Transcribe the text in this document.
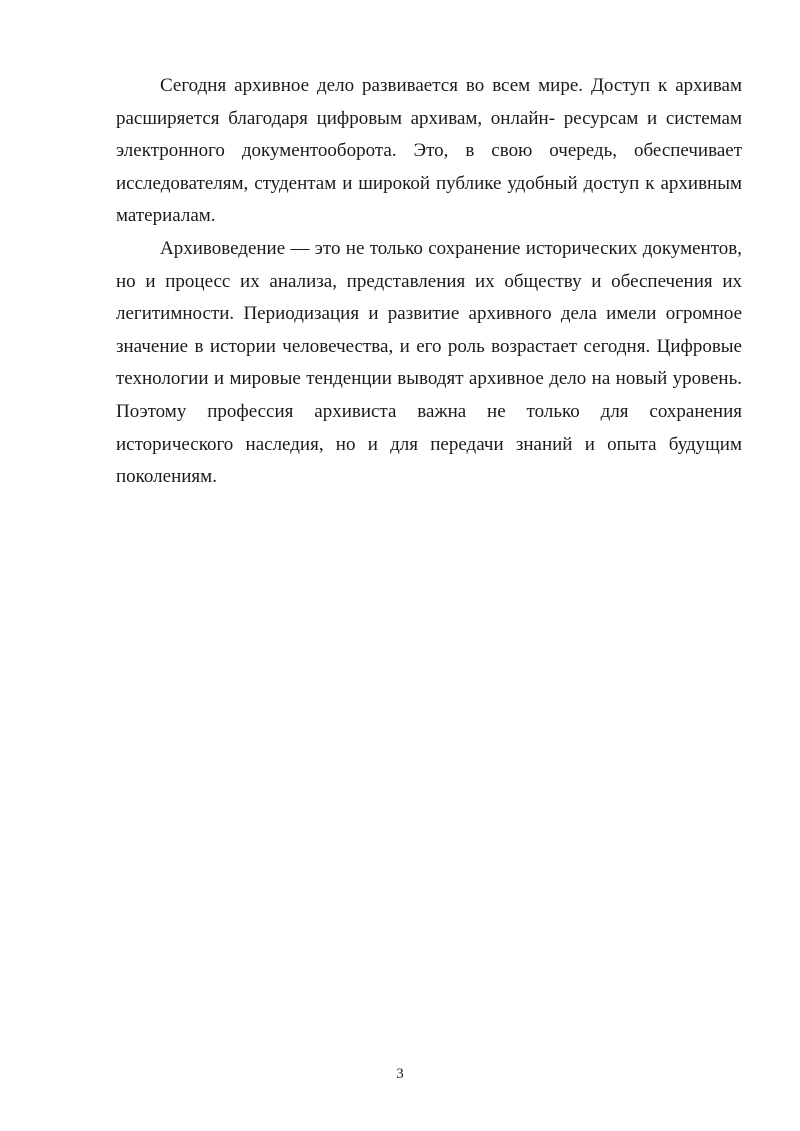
Сегодня архивное дело развивается во всем мире. Доступ к архивам расширяется благодаря цифровым архивам, онлайн- ресурсам и системам электронного документооборота. Это, в свою очередь, обеспечивает исследователям, студентам и широкой публике удобный доступ к архивным материалам.

Архивоведение — это не только сохранение исторических документов, но и процесс их анализа, представления их обществу и обеспечения их легитимности. Периодизация и развитие архивного дела имели огромное значение в истории человечества, и его роль возрастает сегодня. Цифровые технологии и мировые тенденции выводят архивное дело на новый уровень. Поэтому профессия архивиста важна не только для сохранения исторического наследия, но и для передачи знаний и опыта будущим поколениям.

3
